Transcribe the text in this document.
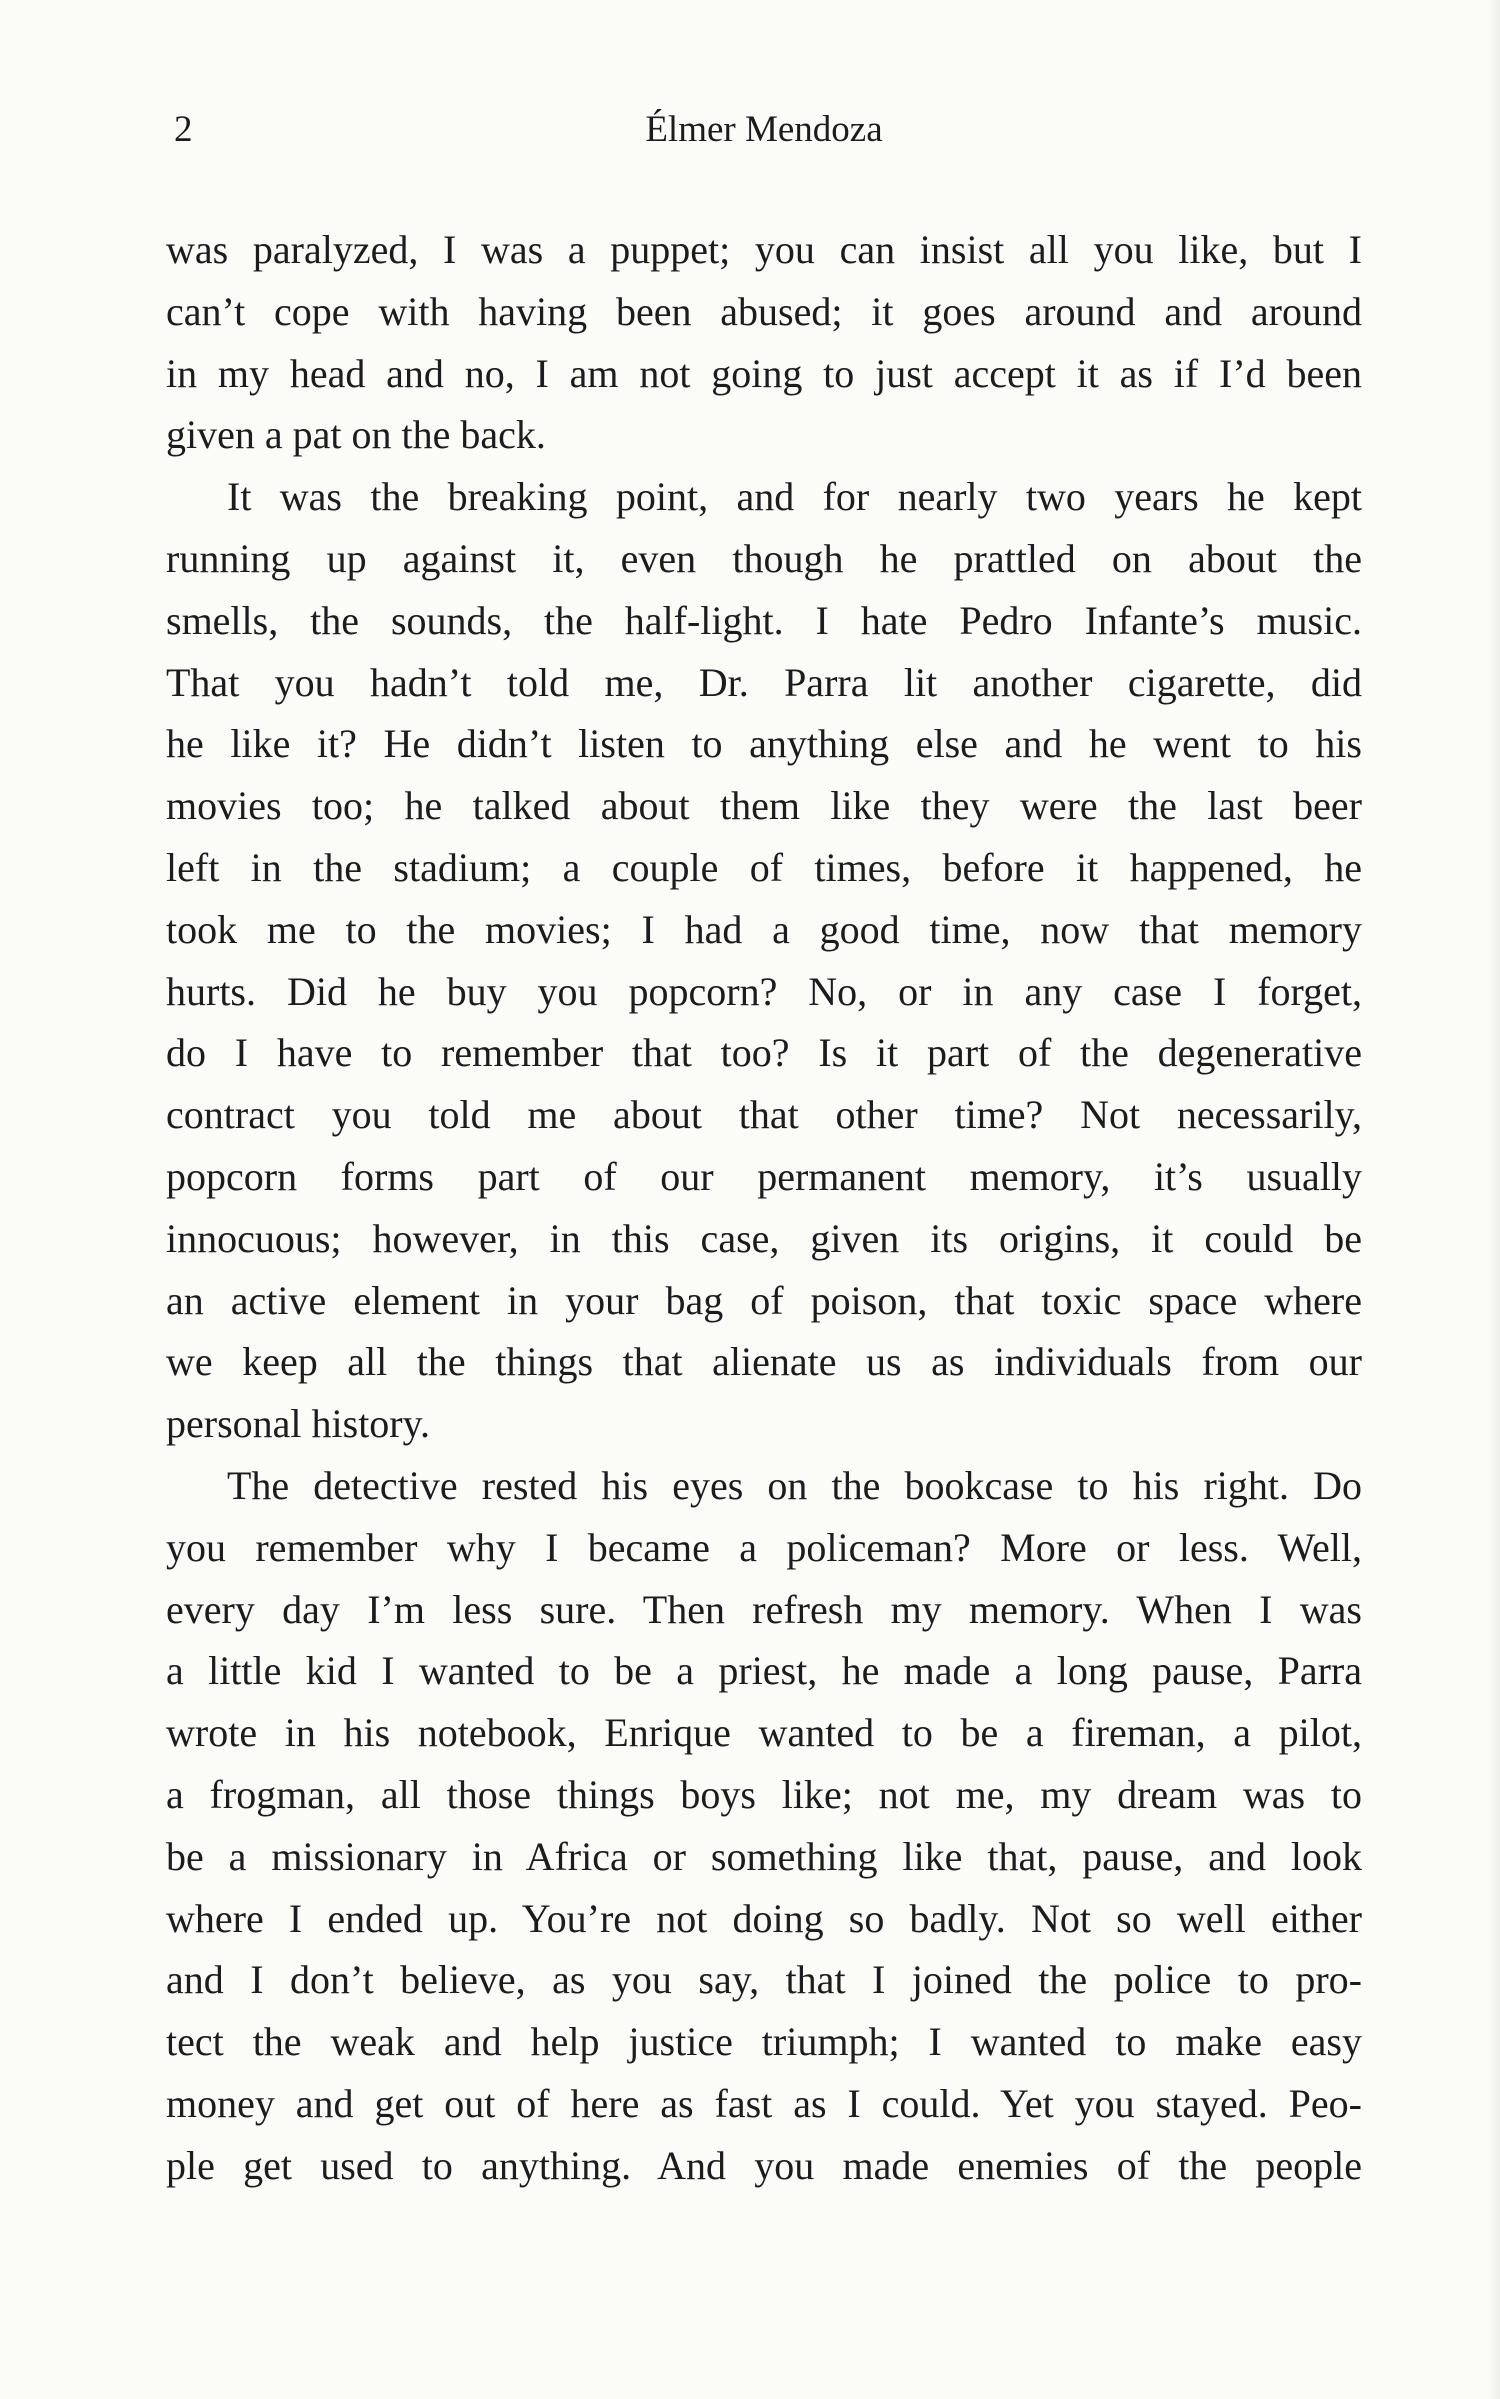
2	Élmer Mendoza
was paralyzed, I was a puppet; you can insist all you like, but I
can’t cope with having been abused; it goes around and around
in my head and no, I am not going to just accept it as if I’d been
given a pat on the back.
It was the breaking point, and for nearly two years he kept
running up against it, even though he prattled on about the
smells, the sounds, the half-light. I hate Pedro Infante’s music.
That you hadn’t told me, Dr. Parra lit another cigarette, did
he like it? He didn’t listen to anything else and he went to his
movies too; he talked about them like they were the last beer
left in the stadium; a couple of times, before it happened, he
took me to the movies; I had a good time, now that memory
hurts. Did he buy you popcorn? No, or in any case I forget,
do I have to remember that too? Is it part of the degenerative
contract you told me about that other time? Not necessarily,
popcorn forms part of our permanent memory, it’s usually
innocuous; however, in this case, given its origins, it could be
an active element in your bag of poison, that toxic space where
we keep all the things that alienate us as individuals from our
personal history.
The detective rested his eyes on the bookcase to his right. Do
you remember why I became a policeman? More or less. Well,
every day I’m less sure. Then refresh my memory. When I was
a little kid I wanted to be a priest, he made a long pause, Parra
wrote in his notebook, Enrique wanted to be a fireman, a pilot,
a frogman, all those things boys like; not me, my dream was to
be a missionary in Africa or something like that, pause, and look
where I ended up. You’re not doing so badly. Not so well either
and I don’t believe, as you say, that I joined the police to pro-
tect the weak and help justice triumph; I wanted to make easy
money and get out of here as fast as I could. Yet you stayed. Peo-
ple get used to anything. And you made enemies of the people
